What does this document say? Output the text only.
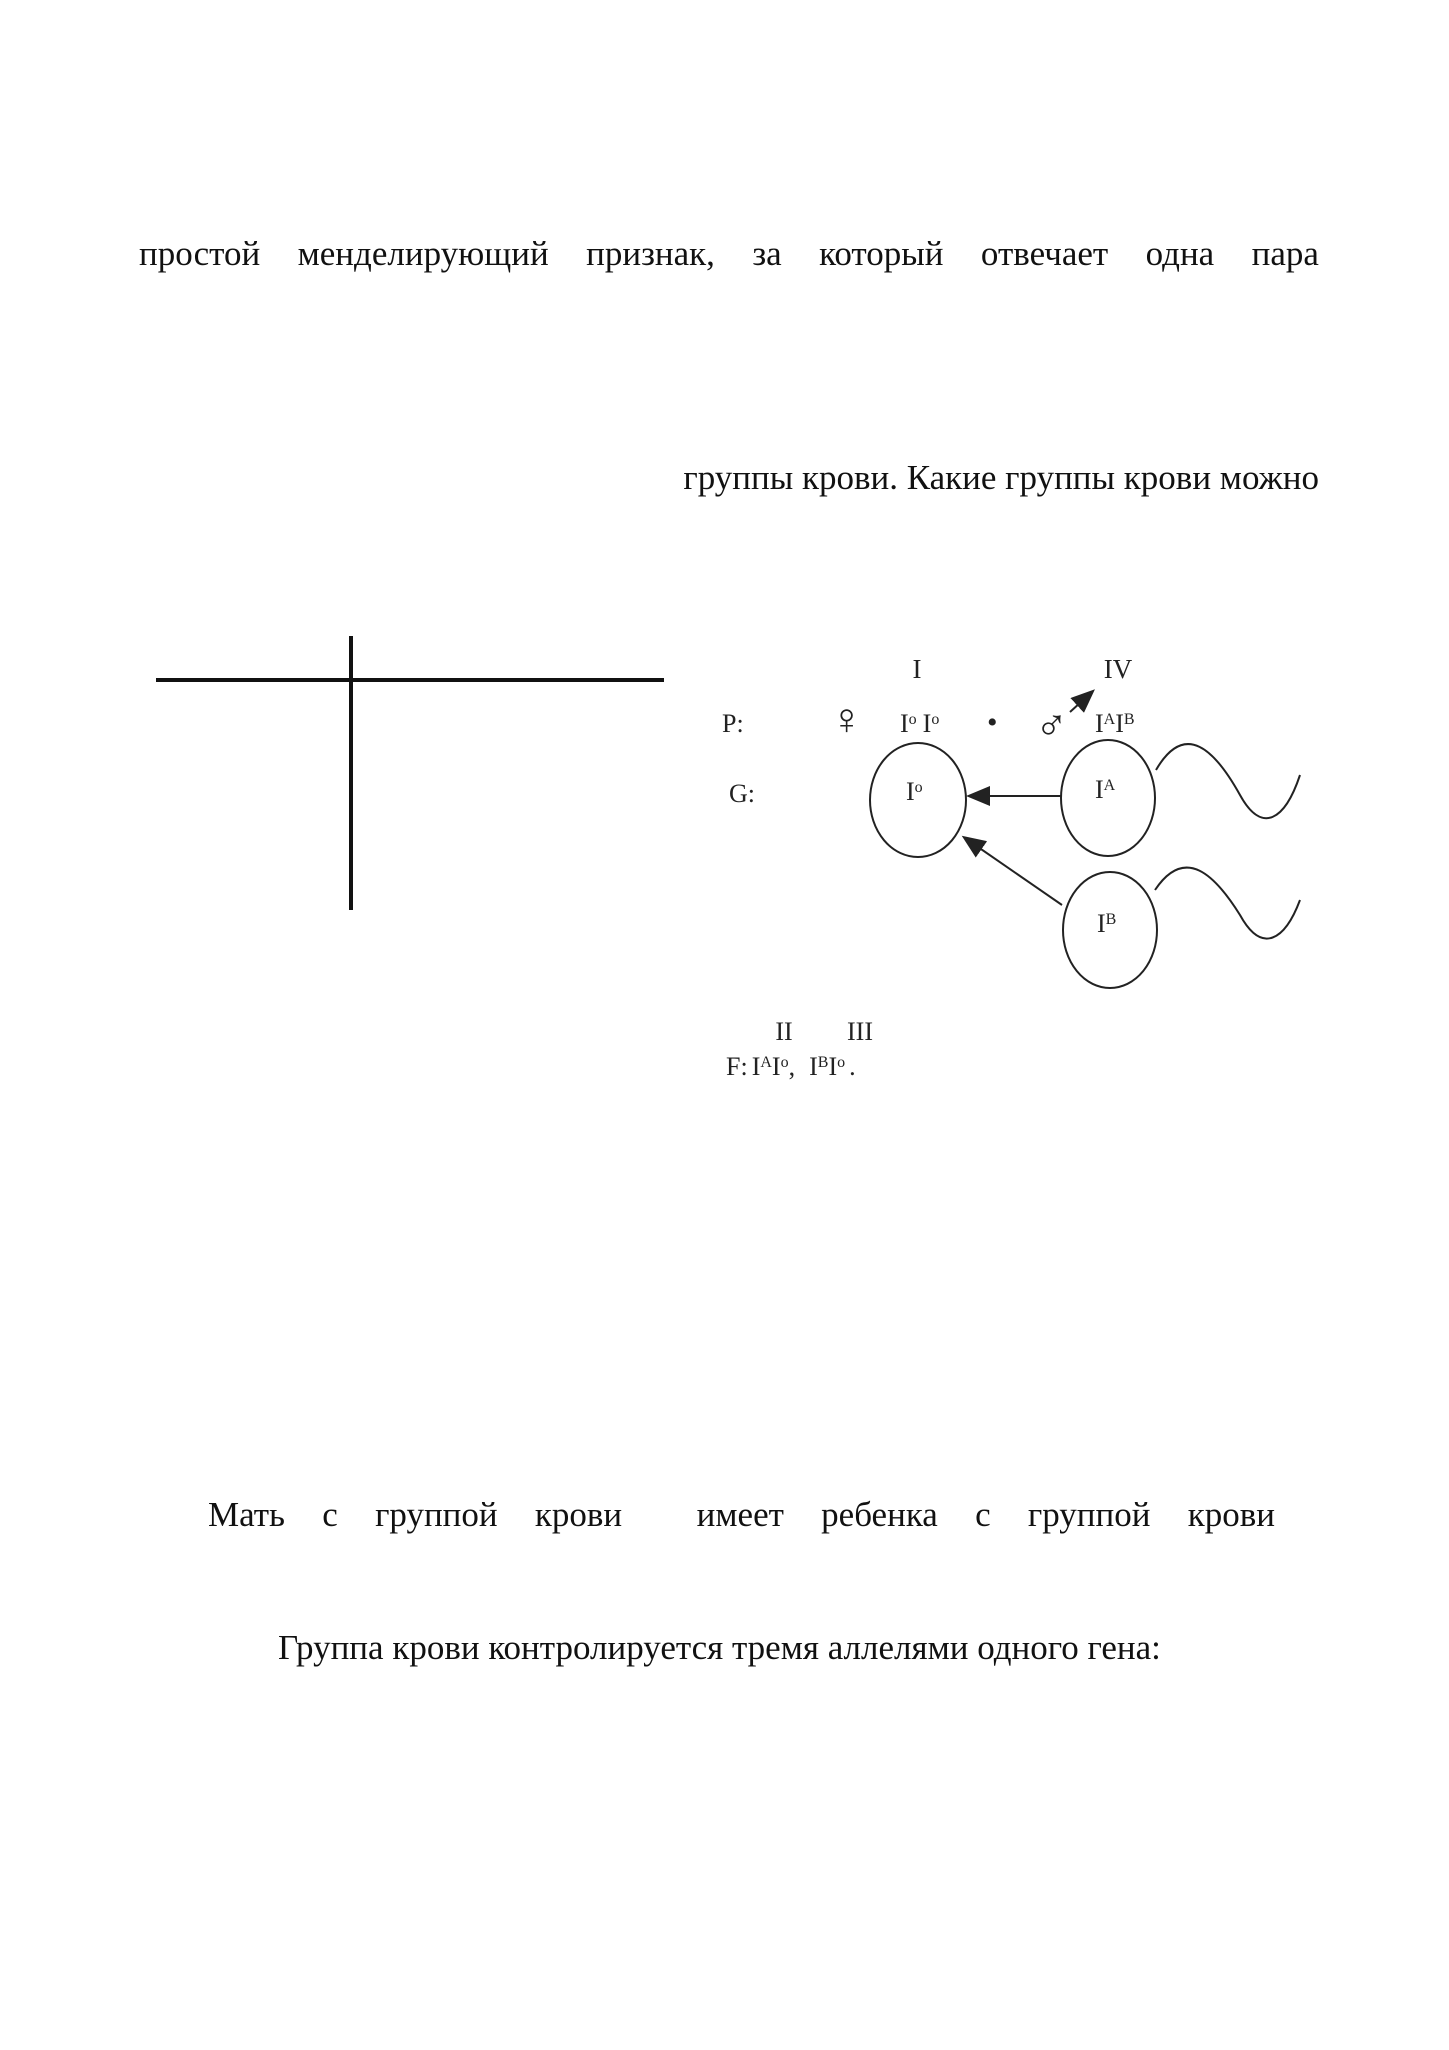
простой менделирующий признак, за который отвечает одна пара
группы крови. Какие группы крови можно
I	IV
P: ♀ $I^o$ $I^o$ • ♂ $I^AI^B$
G:	$I^o$	$I^A$
$I^B$
II III
F: $I^AI^o$, $I^BI^o$ .
Мать с группой крови имеет ребенка с группой крови
Группа крови контролируется тремя аллелями одного гена:
